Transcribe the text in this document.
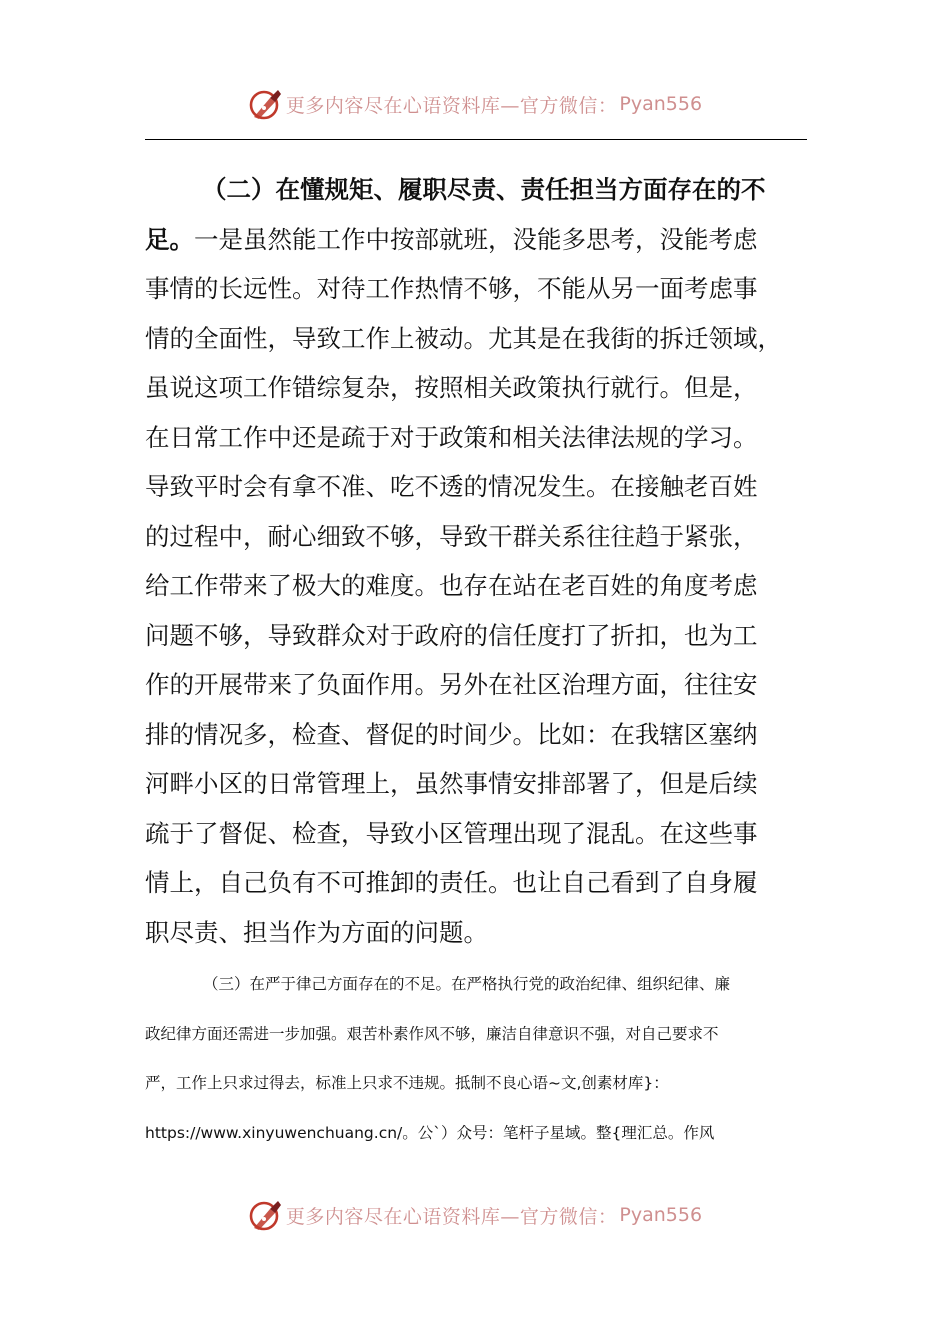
更多内容尽在心语资料库—官方微信： Pyan556
（二）在懂规矩、履职尽责、责任担当方面存在的不
足。一是虽然能工作中按部就班，没能多思考，没能考虑
事情的长远性。对待工作热情不够，不能从另一面考虑事
情的全面性，导致工作上被动。尤其是在我街的拆迁领域，
虽说这项工作错综复杂，按照相关政策执行就行。但是，
在日常工作中还是疏于对于政策和相关法律法规的学习。
导致平时会有拿不准、吃不透的情况发生。在接触老百姓
的过程中，耐心细致不够，导致干群关系往往趋于紧张，
给工作带来了极大的难度。也存在站在老百姓的角度考虑
问题不够，导致群众对于政府的信任度打了折扣，也为工
作的开展带来了负面作用。另外在社区治理方面，往往安
排的情况多，检查、督促的时间少。比如：在我辖区塞纳
河畔小区的日常管理上，虽然事情安排部署了，但是后续
疏于了督促、检查，导致小区管理出现了混乱。在这些事
情上，自己负有不可推卸的责任。也让自己看到了自身履
职尽责、担当作为方面的问题。
（三）在严于律己方面存在的不足。在严格执行党的政治纪律、组织纪律、廉
政纪律方面还需进一步加强。艰苦朴素作风不够，廉洁自律意识不强，对自己要求不
严，工作上只求过得去，标准上只求不违规。抵制不良心语~文,创素材库}：
https://www.xinyuwenchuang.cn/。公`）众号：笔杆子星域。整{理汇总。作风
更多内容尽在心语资料库—官方微信： Pyan556
